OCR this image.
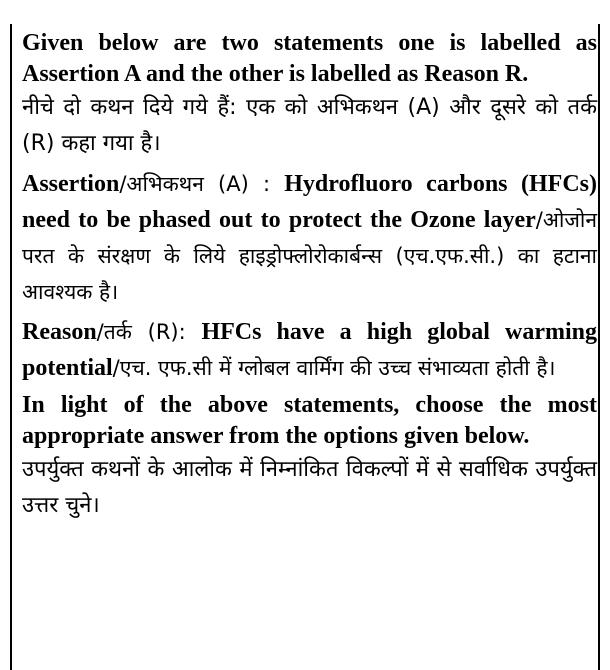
Given below are two statements one is labelled as Assertion A and the other is labelled as Reason R.

नीचे दो कथन दिये गये हैं: एक को अभिकथन (A) और दूसरे को तर्क (R) कहा गया है।

Assertion/अभिकथन (A) : Hydrofluoro carbons (HFCs) need to be phased out to protect the Ozone layer/ओजोन परत के संरक्षण के लिये हाइड्रोफ्लोरोकार्बन्स (एच.एफ.सी.) का हटाना आवश्यक है।

Reason/तर्क (R): HFCs have a high global warming potential/एच. एफ.सी में ग्लोबल वार्मिंग की उच्च संभाव्यता होती है।

In light of the above statements, choose the most appropriate answer from the options given below.

उपर्युक्त कथनों के आलोक में निम्नांकित विकल्पों में से सर्वाधिक उपर्युक्त उत्तर चुने।
